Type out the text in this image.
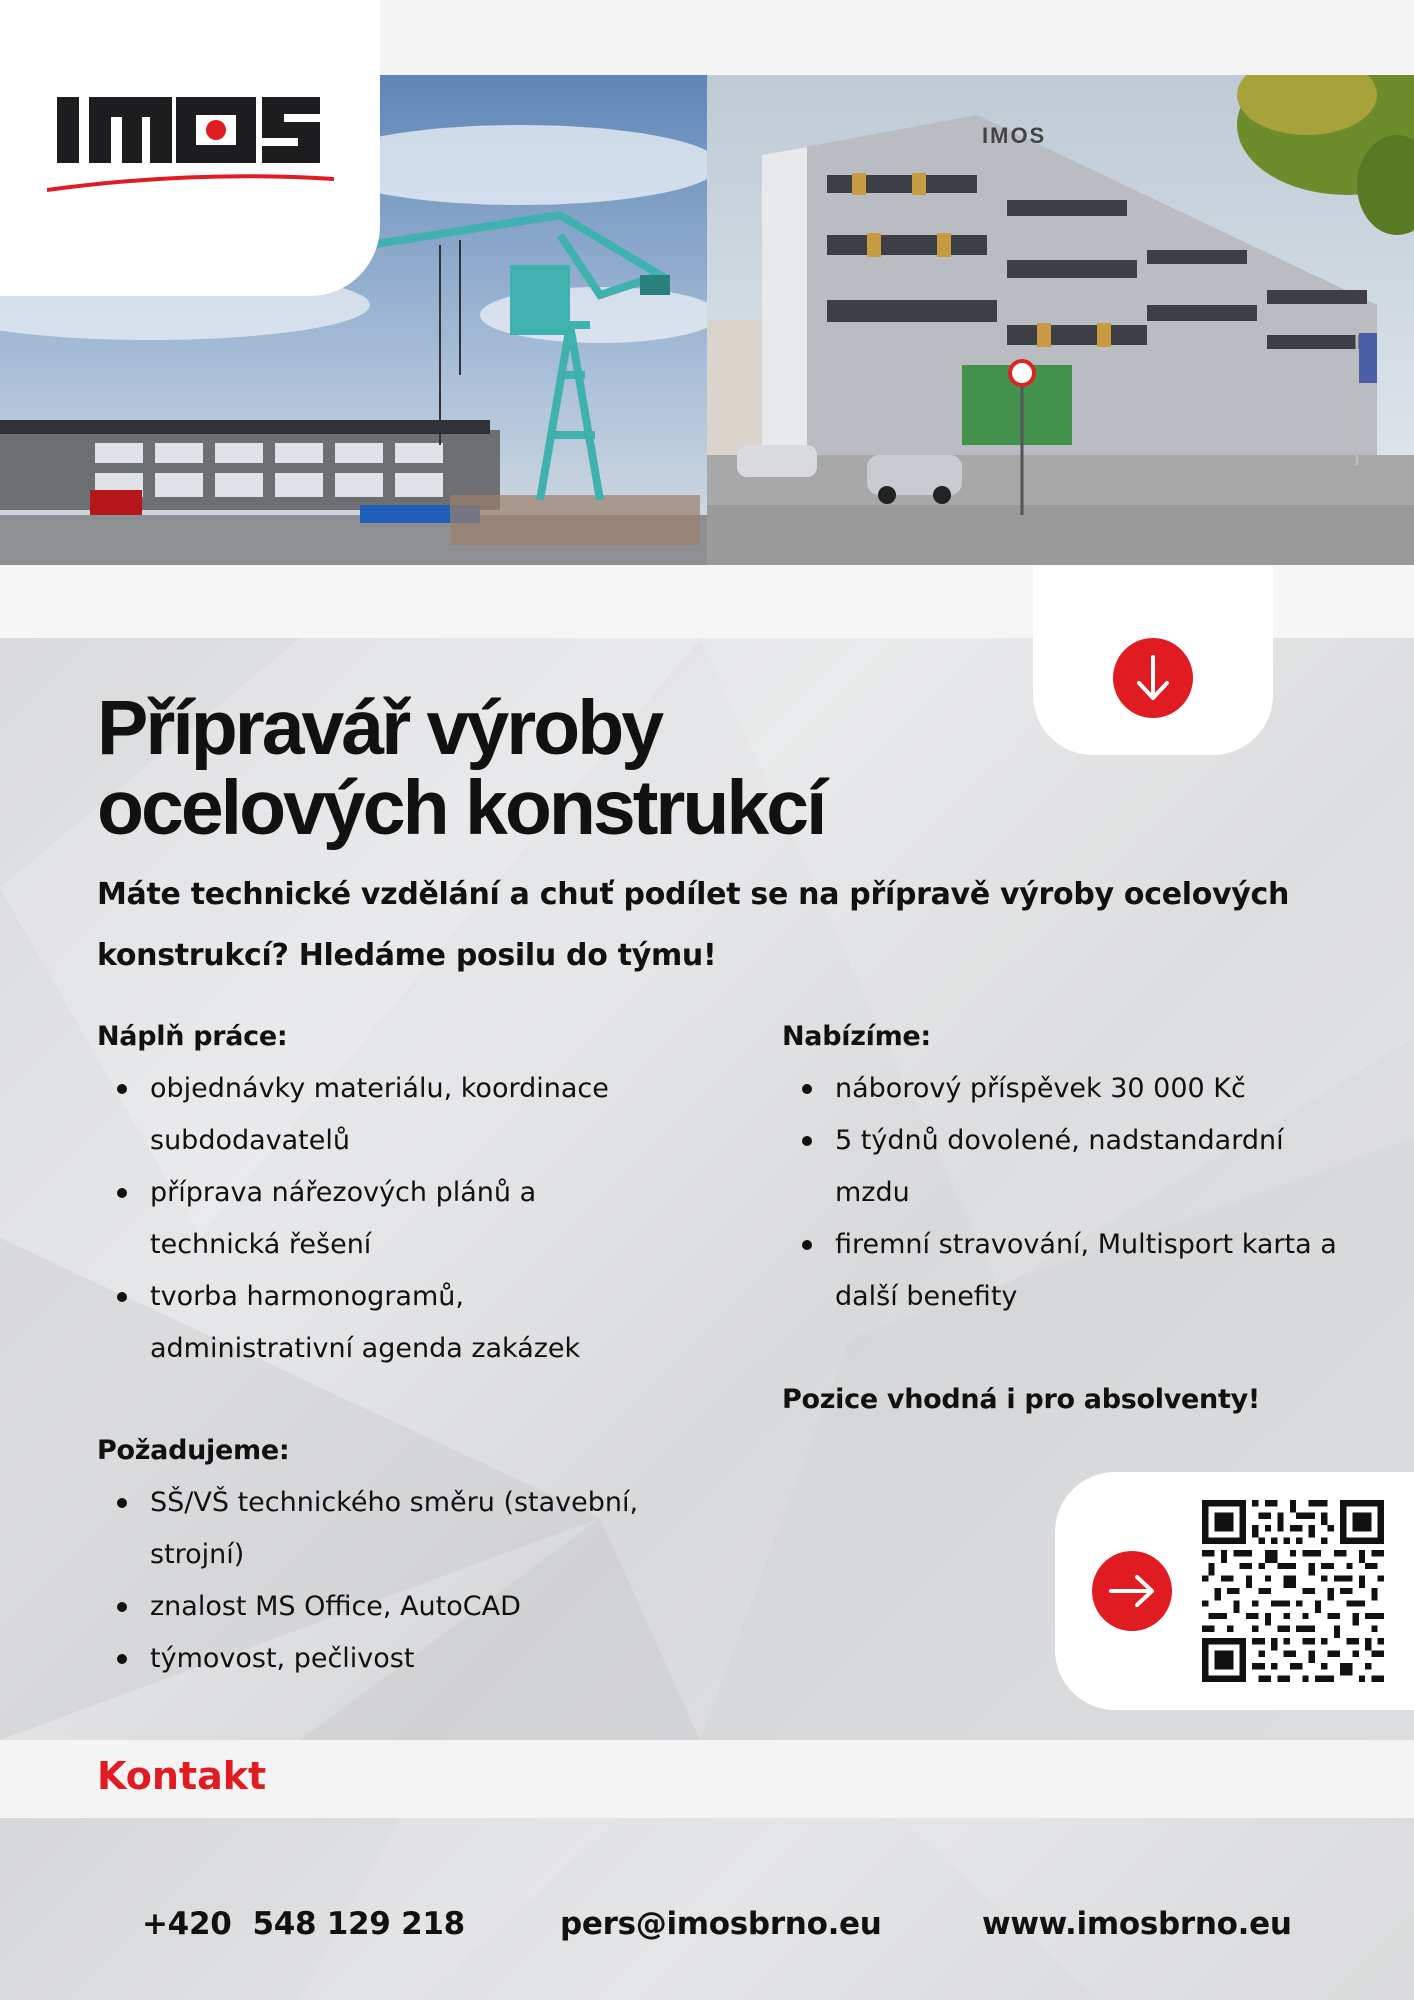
IMOS
Přípravář výroby
ocelových konstrukcí

Máte technické vzdělání a chuť podílet se na přípravě výroby ocelových konstrukcí? Hledáme posilu do týmu!

Náplň práce:
objednávky materiálu, koordinace subdodavatelů
příprava nářezových plánů a technická řešení
tvorba harmonogramů, administrativní agenda zakázek
Nabízíme:
náborový příspěvek 30 000 Kč
5 týdnů dovolené, nadstandardní mzdu
firemní stravování, Multisport karta a další benefity

Pozice vhodná i pro absolventy!

Požadujeme:
SŠ/VŠ technického směru (stavební, strojní)
znalost MS Office, AutoCAD
týmovost, pečlivost
Kontakt
+420  548 129 218	pers@imosbrno.eu	www.imosbrno.eu
